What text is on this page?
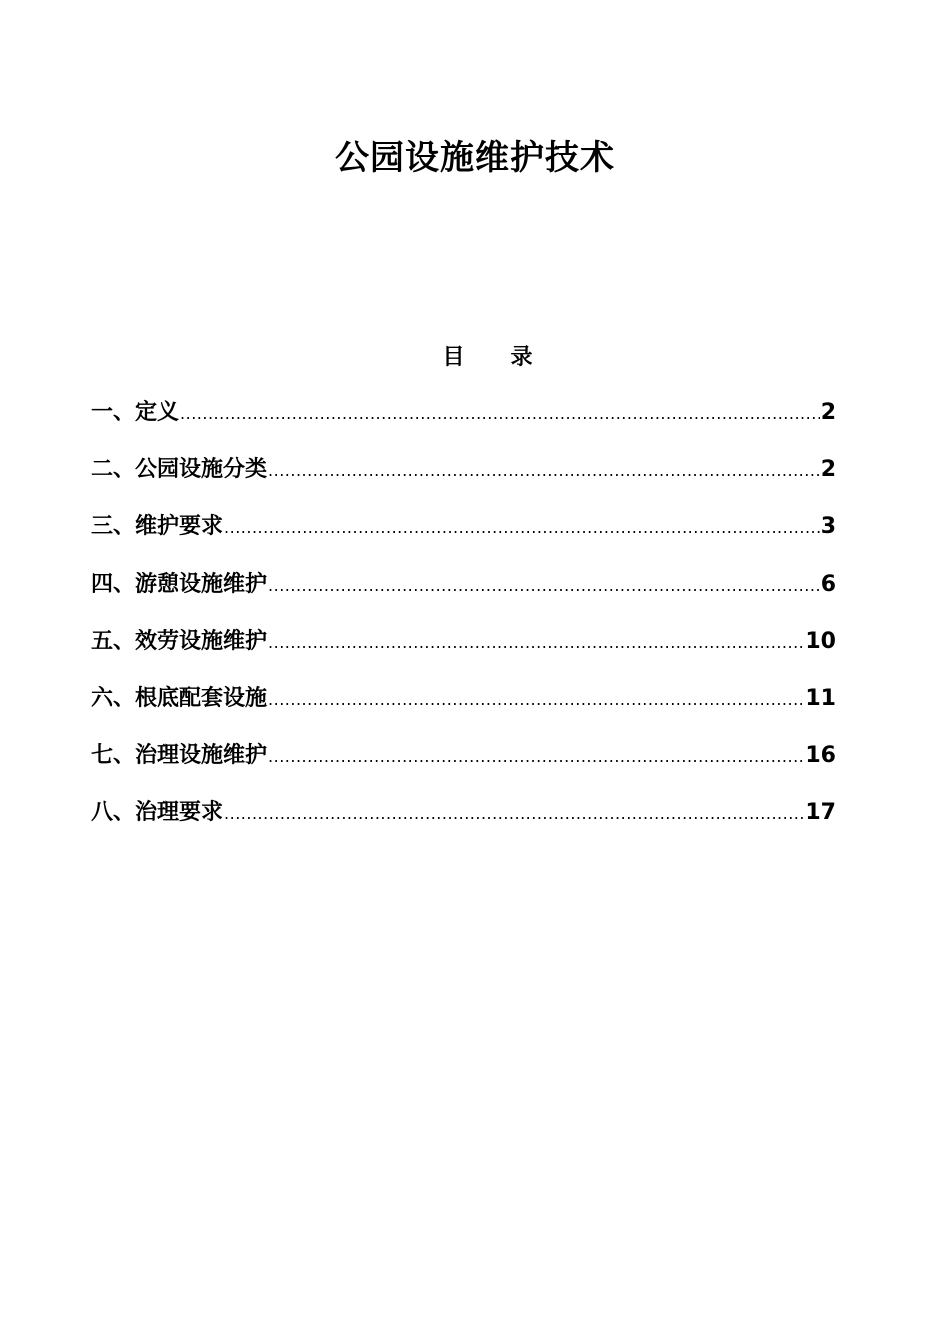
公园设施维护技术
目      录
一、定义 .....	2
二、公园设施分类 .....	2
三、维护要求 .....	3
四、游憩设施维护 .....	6
五、效劳设施维护 .....	10
六、根底配套设施 .....	11
七、治理设施维护 .....	16
八、治理要求 .....	17
